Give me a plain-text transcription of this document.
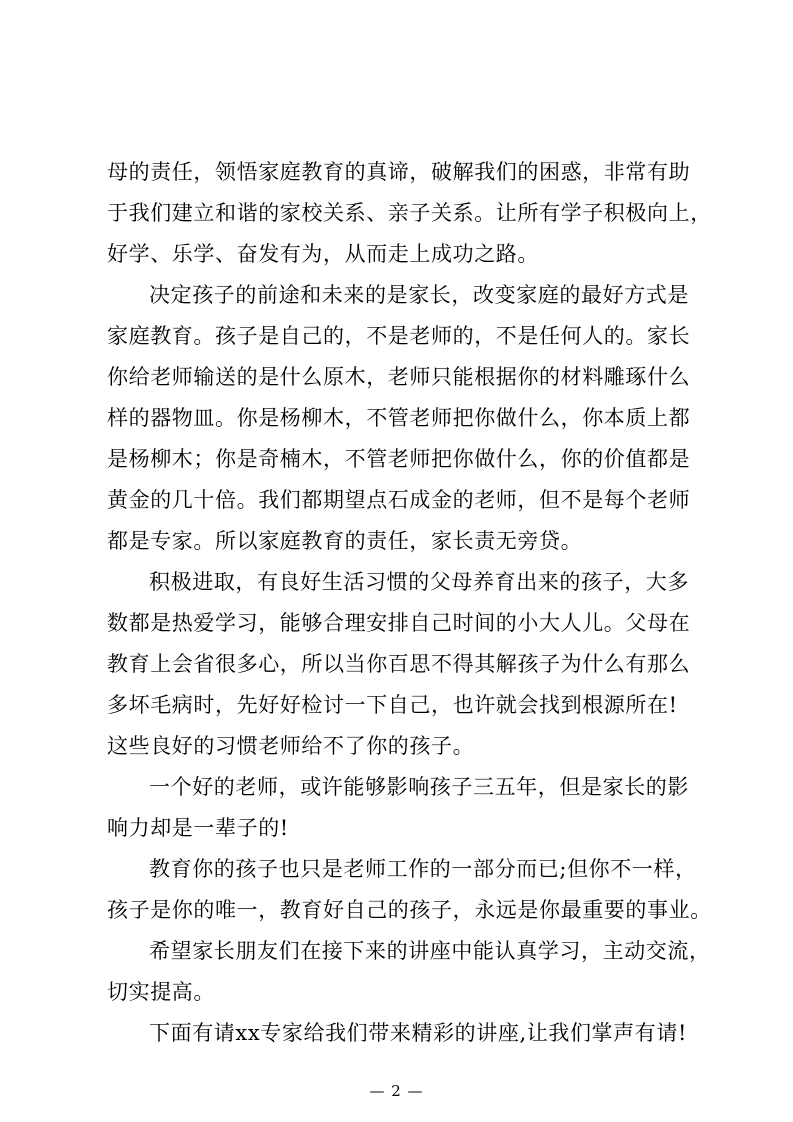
母的责任，领悟家庭教育的真谛，破解我们的困惑，非常有助
于我们建立和谐的家校关系、亲子关系。让所有学子积极向上，
好学、乐学、奋发有为，从而走上成功之路。
决定孩子的前途和未来的是家长，改变家庭的最好方式是
家庭教育。孩子是自己的，不是老师的，不是任何人的。家长
你给老师输送的是什么原木，老师只能根据你的材料雕琢什么
样的器物皿。你是杨柳木，不管老师把你做什么，你本质上都
是杨柳木；你是奇楠木，不管老师把你做什么，你的价值都是
黄金的几十倍。我们都期望点石成金的老师，但不是每个老师
都是专家。所以家庭教育的责任，家长责无旁贷。
积极进取，有良好生活习惯的父母养育出来的孩子，大多
数都是热爱学习，能够合理安排自己时间的小大人儿。父母在
教育上会省很多心，所以当你百思不得其解孩子为什么有那么
多坏毛病时，先好好检讨一下自己，也许就会找到根源所在!
这些良好的习惯老师给不了你的孩子。
一个好的老师，或许能够影响孩子三五年，但是家长的影
响力却是一辈子的!
教育你的孩子也只是老师工作的一部分而已;但你不一样，
孩子是你的唯一，教育好自己的孩子，永远是你最重要的事业。
希望家长朋友们在接下来的讲座中能认真学习，主动交流，
切实提高。
下面有请xx专家给我们带来精彩的讲座,让我们掌声有请!
— 2 —
